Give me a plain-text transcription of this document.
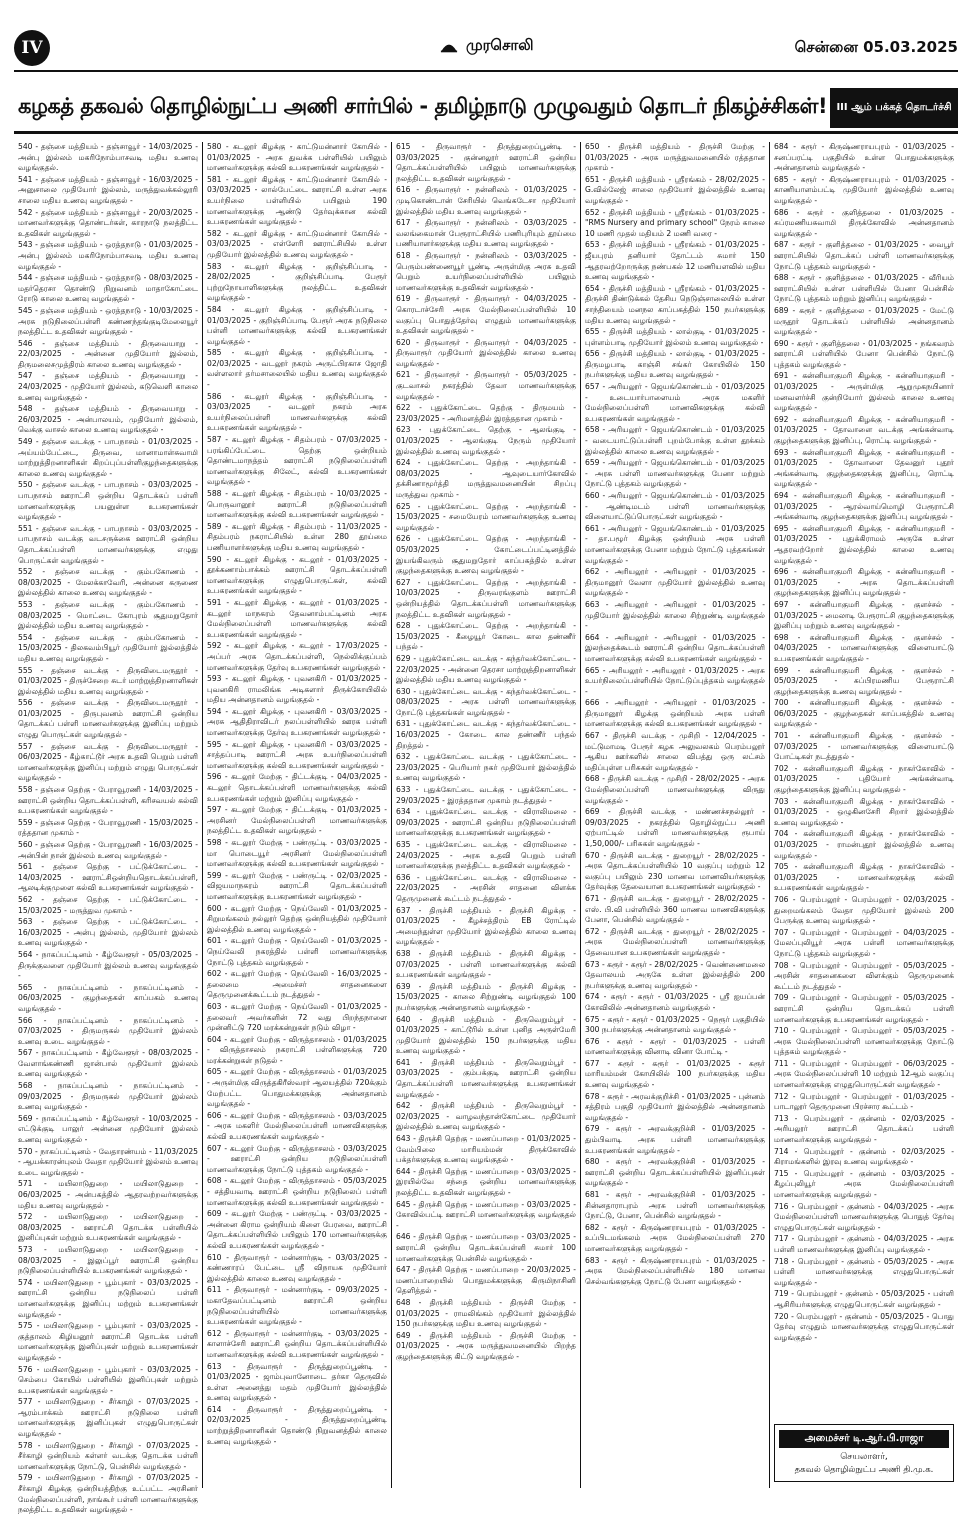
IV	முரசொலி	சென்னை 05.03.2025
கழகத் தகவல் தொழில்நுட்ப அணி சார்பில் - தமிழ்நாடு முழுவதும் தொடர் நிகழ்ச்சிகள்! III ஆம் பக்கத் தொடர்ச்சி

540 - தஞ்சை மத்தியம் - தஞ்சாவூர் - 14/03/2025 - அன்பு இல்லம் மகரிநோம்பாசவடி மதிய உணவு வழங்குதல்.

541 - தஞ்சை மத்தியம் - தஞ்சாவூர் - 16/03/2025 - அனுசாலை முதியோர் இல்லம், மருத்துவக்கல்லூரி சாலை மதிய உணவு வழங்குதல் -

542 - தஞ்சை மத்தியம் - தஞ்சாவூர் - 20/03/2025 - மாணவர்களுக்கு தொண்டர்கள், காரநாடு நலத்திட்ட உதவிகள் வழங்குதல் -

543 - தஞ்சை மத்தியம் - ஒரத்தநாடு - 01/03/2025 - அன்பு இல்லம் மகரிநோம்பாசவடி மதிய உணவு வழங்குதல் -

544 - தஞ்சை மத்தியம் - ஒரத்தநாடு - 08/03/2025 - மதர்தெரசா தொண்டு நிறுவனம் மாதாகோட்டை ரோடு காலை உணவு வழங்குதல் -

545 - தஞ்சை மத்தியம் - ஒரத்தநாடு - 10/03/2025 - அரசு நடுநிலைப்பள்ளி கண்ணந்தங்குடிமேலையூர் நலத்திட்ட உதவிகள் வழங்குதல் -

546 - தஞ்சை மத்தியம் - திருவையாறு - 22/03/2025 - அன்னை முதியோர் இல்லம், திருமலைசமுத்திரம் காலை உணவு வழங்குதல் -

547 - தஞ்சை மத்தியம் - திருவையாறு - 24/03/2025 - முதியோர் இல்லம், கடுவெளி காலை உணவு வழங்குதல் -

548 - தஞ்சை மத்தியம் - திருவையாறு - 26/03/2025 - அன்பாலயம், முதியோர் இல்லம், வெக்கு வாசல் காலை உணவு வழங்குதல் -

549 - தஞ்சை வடக்கு - பாபநாசம் - 01/03/2025 - அய்யம்பேட்டை, திருவை, மானாமாள்சுவாமி மாற்றுத்திறனாளிகள் கிறப்புப்பள்ளிகுழந்தைகளுக்கு காலை உணவு வழங்குதல் -

550 - தஞ்சை வடக்கு - பாபநாசம் - 03/03/2025 - பாபநாசம் ஊராட்சி ஒன்றிய தொடக்கப் பள்ளி மாணவர்களுக்கு பயனுள்ள உபகரணங்கள் வழங்குதல் -

551 - தஞ்சை வடக்கு - பாபநாசம் - 03/03/2025 - பாபநாசம் வடக்கு வடசருக்கை ஊராட்சி ஒன்றிய தொடக்கப்பள்ளி மாணவர்களுக்கு எழுது பொருட்கள் வழங்குதல் -

552 - தஞ்சை வடக்கு - கும்பகோணம் - 08/03/2025 - மேலக்காவேரி, அன்னை கருணை இல்லத்தில் காலை உணவு வழங்குதல் -

553 - தஞ்சை வடக்கு - கும்பகோணம் - 08/03/2025 - மொட்டை கோபுரம் சூதுமறுதோர் இல்லத்தில் மதிய உணவு வழங்குதல் -

554 - தஞ்சை வடக்கு - கும்பகோணம் - 15/03/2025 - திலகவம்பியூர் முதியோர் இல்லத்தில் மதிய உணவு வழங்குதல் -

555 - தஞ்சை வடக்கு - திருவிடைமருதூர் - 01/03/2025 - திருச்சேறை சுடர் மாற்றுத்திறனாளிகள் இல்லத்தில் மதிய உணவு வழங்குதல் -

556 - தஞ்சை வடக்கு - திருவிடைமருதூர் - 01/03/2025 - திருபுவனம் ஊராட்சி ஒன்றிய தொடக்கப் பள்ளி மாணவர்களுக்கு இனிப்பு மற்றும் எழுது பொருட்கள் வழங்குதல் -

557 - தஞ்சை வடக்கு - திருவிடைமருதூர் - 06/03/2025 - கீழ்காட்டூர் அரசு உதவி பெறும் பள்ளி மாணவர்களுக்கு இனிப்பு மற்றும் எழுது பொருட்கள் வழங்குதல் -

558 - தஞ்சை தெற்கு - பேராவூரணி - 14/03/2025 - ஊராட்சி ஒன்றிய தொடக்கப்பள்ளி, கரிசவயல் கல்வி உபகரணங்கள் வழங்குதல் -

559 - தஞ்சை தெற்கு - பேராவூரணி - 15/03/2025 - ரத்ததான முகாம் -

560 - தஞ்சை தெற்கு - பேராவூரணி - 16/03/2025 - அன்பின் நான் இல்லம் உணவு வழங்குதல் -

561 - தஞ்சை தெற்கு - பட்டுக்கோட்டை - 14/03/2025 - ஊராட்சிஒன்றியதொடக்கப்பள்ளி, ஆலடிக்குமுளை கல்வி உபகரணங்கள் வழங்குதல் -

562 - தஞ்சை தெற்கு - பட்டுக்கோட்டை - 15/03/2025 - மருத்துவ முகாம் -

563 - தஞ்சை தெற்கு - பட்டுக்கோட்டை - 16/03/2025 - அன்பு இல்லம், முதியோர் இல்லம் உணவு வழங்குதல் -

564 - நாகப்பட்டினம் - கீழ்வேளூர் - 05/03/2025 - திருக்குவளை முதியோர் இல்லம் உணவு வழங்குதல் -

565 - நாகப்பட்டினம் - நாகப்பட்டினம் - 06/03/2025 - குழந்தைகள் காப்பகம் உணவு வழங்குதல் -

566 - நாகப்பட்டினம் - நாகப்பட்டினம் - 07/03/2025 - திருமருகல் முதியோர் இல்லம் உணவு உடை வழங்குதல் -

567 - நாகப்பட்டினம் - கீழ்வேளூர் - 08/03/2025 - வேளாங்கண்ணி ஜான்பால் முதியோர் இல்லம் உணவு வழங்குதல் -

568 - நாகப்பட்டினம் - நாகப்பட்டினம் - 09/03/2025 - திருமருகல் முதியோர் இல்லம் உணவு வழங்குதல் -

569 - நாகப்பட்டினம் - கீழ்வேளூர் - 10/03/2025 - எட்டுக்குடி பாலுர் அன்னை முதியோர் இல்லம் உணவு வழங்குதல் -

570 - நாகப்பட்டினம் - வேதாரண்யம் - 11/03/2025 - ஆயக்காரன்புலம் வேதா முதியோர் இல்லம் உணவு உடை வழங்குதல் -

571 - மயிலாடுதுறை - மயிலாடுதுறை - 06/03/2025 - அன்பகத்தில் ஆதரவற்றவர்களுக்கு மதிய உணவு வழங்குதல் -

572 - மயிலாடுதுறை - மயிலாடுதுறை - 08/03/2025 - ஊராட்சி தொடக்க பள்ளியில் இனிப்புகள் மற்றும் உபகரணங்கள் வழங்குதல் -

573 - மயிலாடுதுறை - மயிலாடுதுறை - 08/03/2025 - இலுப்பூர் ஊராட்சி ஒன்றிய நடுநிலைப்பள்ளியில் உபகரணங்கள் வழங்குதல் -

574 - மயிலாடுதுறை - பூம்புகார் - 03/03/2025 - ஊராட்சி ஒன்றிய நடுநிலைப் பள்ளி மாணவர்களுக்கு இனிப்பு மற்றும் உபகரணங்கள் வழங்குதல் -

575 - மயிலாடுதுறை - பூம்புகார் - 03/03/2025 - குத்தாலம் கிழியனூர் ஊராட்சி தொடக்க பள்ளி மாணவர்களுக்கு இனிப்புகள் மற்றும் உபகரணங்கள் வழங்குதல் -

576 - மயிலாடுதுறை - பூம்புகார் - 03/03/2025 - செம்பை கோயில் பள்ளியில் இனிப்புகள் மற்றும் உபகரணங்கள் வழங்குதல் -

577 - மயிலாடுதுறை - சீர்காழி - 07/03/2025 - ஆரம்பாக்கம் ஊராட்சி நடுநிலை பள்ளி மாணவர்களுக்கு இனிப்புகள் எழுதுபொருட்கள் வழங்குதல் -

578 - மயிலாடுதுறை - சீர்காழி - 07/03/2025 - சீர்காழி ஒன்றியம் கள்ளர் வடக்கு தொடக்க பள்ளி மாணவர்களுக்கு நோட்டு, பென்சில் வழங்குதல் -

579 - மயிலாடுதுறை - சீர்காழி - 07/03/2025 - சீர்காழி கிழக்கு ஒன்றியத்திற்கு உட்பட்ட அரசினர் மேல்நிலைப்பள்ளி, நாங்கூர் பள்ளி மாணவர்களுக்கு நலத்திட்ட உதவிகள் வழங்குதல் -

580 - கடலூர் கிழக்கு - காட்டுமன்னார் கோயில் - 01/03/2025 - அரசு துவக்க பள்ளியில் பயிலும் மாணவர்களுக்கு கல்வி உபகரணங்கள் வழங்குதல் -

581 - கடலூர் கிழக்கு - காட்டுமன்னார் கோயில் - 03/03/2025 - லால்பேட்டை ஊராட்சி உள்ள அரசு உயர்நிலை பள்ளியில் பயிலும் 190 மாணவர்களுக்கு ஆண்டு தேர்வுக்கான கல்வி உபகரணங்கள் வழங்குதல் -

582 - கடலூர் கிழக்கு - காட்டுமன்னார் கோயில் - 03/03/2025 - எள்ளேரி ஊராட்சியில் உள்ள முதியோர் இல்லத்தில் உணவு வழங்குதல் -

583 - கடலூர் கிழக்கு - குறிஞ்சிப்பாடி - 28/02/2025 - குறிஞ்சிப்பாடி பேரூர் புற்றுநோயாளிகளுக்கு நலத்திட்ட உதவிகள் வழங்குதல் -

584 - கடலூர் கிழக்கு - குறிஞ்சிப்பாடி - 01/03/2025 - குறிஞ்சிப்பாடி பேரூர் அரசு நடுநிலை பள்ளி மாணவர்களுக்கு கல்வி உபகரணங்கள் வழங்குதல் -

585 - கடலூர் கிழக்கு - குறிஞ்சிப்பாடி - 02/03/2025 - வடலூர் நகரம் அருட்பிரகாச ஜோதி வள்ளலார் தர்மசாலையில் மதிய உணவு வழங்குதல் -

586 - கடலூர் கிழக்கு - குறிஞ்சிப்பாடி - 03/03/2025 - வடலூர் நகரம் அரசு உயர்நிலைப்பள்ளி மாணவர்களுக்கு கல்வி உபகரணங்கள் வழங்குதல் -

587 - கடலூர் கிழக்கு - சிதம்பரம் - 07/03/2025 - பரங்கிப்பேட்டை தெற்கு ஒன்றியம் தொண்டமாநத்தம் ஊராட்சி நடுநிலைப்பள்ளி மாணவர்களுக்கு சிலேட், கல்வி உபகரணங்கள் வழங்குதல் -

588 - கடலூர் கிழக்கு - சிதம்பரம் - 10/03/2025 - பொருவானூர் ஊராட்சி நடுநிலைப்பள்ளி மாணவர்களுக்கு கல்வி உபகரணங்கள் வழங்குதல் -

589 - கடலூர் கிழக்கு - சிதம்பரம் - 11/03/2025 - சிதம்பரம் நகராட்சியில் உள்ள 280 தூய்மை பணியாளர்களுக்கு மதிய உணவு வழங்குதல் -

590 - கடலூர் கிழக்கு - கடலூர் - 01/03/2025 - தூக்கணாம்பாக்கம் ஊராட்சி தொடக்கப்பள்ளி மாணவர்களுக்கு எழுதுபொருட்கள், கல்வி உபகரணங்கள் வழங்குதல் -

591 - கடலூர் கிழக்கு - கடலூர் - 01/03/2025 - கடலூர் மாநகரம் தேவனாம்பட்டினம் அரசு மேல்நிலைப்பள்ளி மாணவர்களுக்கு கல்வி உபகரணங்கள் வழங்குதல் -

592 - கடலூர் கிழக்கு - கடலூர் - 17/03/2025 - அப்பர் அரசு தொடக்கப்பள்ளி, நெல்லிக்குப்பம் மாணவர்களுக்கு தேர்வு உபகரணங்கள் வழங்குதல் -

593 - கடலூர் கிழக்கு - புவனகிரி - 01/03/2025 - புவனகிரி ராமலிங்க அடிகளார் திருக்கோயிலில் மதிய அன்னதானம் வழங்குதல் -

594 - கடலூர் கிழக்கு - புவனகிரி - 03/03/2025 - அரசு ஆதிதிராவிடர் நலப்பள்ளியில் ஊரக பள்ளி மாணவர்களுக்கு தேர்வு உபகரணங்கள் வழங்குதல் -

595 - கடலூர் கிழக்கு - புவனகிரி - 03/03/2025 - சாத்தப்பாடி ஊராட்சி அரசு உயர்நிலைப்பள்ளி மாணவர்களுக்கு கல்வி உபகரணங்கள் வழங்குதல் -

596 - கடலூர் மேற்கு - திட்டக்குடி - 04/03/2025 - கடலூர் தொடக்கப்பள்ளி மாணவர்களுக்கு கல்வி உபகரணங்கள் மற்றும் இனிப்பு வழங்குதல் -

597 - கடலூர் மேற்கு - திட்டக்குடி - 01/03/2025 - அரசினர் மேல்நிலைப்பள்ளி மாணவர்களுக்கு நலத்திட்ட உதவிகள் வழங்குதல் -

598 - கடலூர் மேற்கு - பண்ருட்டி - 03/03/2025 - மா பொடையூர் அரசினர் மேல்நிலைப்பள்ளி மாணவர்களுக்கு கல்வி உபகரணங்கள் வழங்குதல் -

599 - கடலூர் மேற்கு - பண்ருட்டி - 02/03/2025 - விஜயமாநகரம் ஊராட்சி தொடக்கப்பள்ளி மாணவர்களுக்கு உபகரணங்கள் வழங்குதல் -

600 - கடலூர் மேற்கு - நெய்வேலி - 01/03/2025 - சிறுமங்கலம் நல்லூர் தெற்கு ஒன்றியத்தில் முதியோர் இல்லத்தில் உணவு வழங்குதல் -

601 - கடலூர் மேற்கு - நெய்வேலி - 01/03/2025 - நெய்வேலி நகரத்தில் பள்ளி மாணவர்களுக்கு நோட்டு புத்தகம் வழங்குதல் -

602 - கடலூர் மேற்கு - நெய்வேலி - 16/03/2025 - தலைமை அமைச்சர் சாதனைகளை தெருமுனைக்கூட்டம் நடத்துதல் -

603 - கடலூர் மேற்கு - நெய்வேலி - 01/03/2025 - தலைவர் அவர்களின் 72 வது பிறந்தநாளை முன்னிட்டு 720 மரக்கன்றுகள் நடும் விழா -

604 - கடலூர் மேற்கு - விருத்தாசலம் - 01/03/2025 - விருத்தாசலம் நகராட்சி பள்ளிகளுக்கு 720 மரக்கன்றுகள் நடுதல் -

605 - கடலூர் மேற்கு - விருத்தாசலம் - 01/03/2025 - அருள்மிகு விருத்தகிரீஸ்வரர் ஆலயத்தில் 720க்கும் மேற்பட்ட பொதுமக்களுக்கு அன்னதானம் வழங்குதல் -

606 - கடலூர் மேற்கு - விருத்தாசலம் - 03/03/2025 - அரசு மகளிர் மேல்நிலைப்பள்ளி மாணவிகளுக்கு கல்வி உபகரணங்கள் வழங்குதல் -

607 - கடலூர் மேற்கு - விருத்தாசலம் - 03/03/2025 - ஊராட்சி ஒன்றிய நடுநிலைப்பள்ளி மாணவர்களுக்கு நோட்டு புத்தகம் வழங்குதல் -

608 - கடலூர் மேற்கு - விருத்தாசலம் - 05/03/2025 - சத்தியவாடி ஊராட்சி ஒன்றிய நடுநிலைப் பள்ளி மாணவர்களுக்கு கல்வி உபகரணங்கள் வழங்குதல் -

609 - கடலூர் மேற்கு - பண்ருட்டி - 03/03/2025 - அன்னை கிராம ஒன்றியம் கிளை பேரவை, ஊராட்சி தொடக்கப்பள்ளியில் பயிலும் 170 மாணவர்களுக்கு கல்வி உபகரணங்கள் வழங்குதல் -

610 - திருவாரூர் - மன்னார்குடி - 03/03/2025 - கண்ணாரப் பேட்டை ஸ்ரீ விநாயக முதியோர் இல்லத்தில் காலை உணவு வழங்குதல் -

611 - திருவாரூர் - மன்னார்குடி - 09/03/2025 - மகாதேவப்பட்டினம் ஊராட்சி ஒன்றிய நடுநிலைப்பள்ளியில் மாணவர்களுக்கு உபகரணங்கள் வழங்குதல் -

612 - திருவாரூர் - மன்னார்குடி - 03/03/2025 - காளாச்சேரி ஊராட்சி ஒன்றிய தொடக்கப்பள்ளியில் மாணவர்களுக்கு கல்வி உபகரணங்கள் வழங்குதல் -

613 - திருவாரூர் - திருத்துறைப்பூண்டி - 01/03/2025 - ஜாம்புவானோடை தர்கா தெருவில் உள்ள அனைத்து மதம் முதியோர் இல்லத்தில் உணவு வழங்குதல் -

614 - திருவாரூர் - திருத்துறைப்பூண்டி - 02/03/2025 - திருத்துறைப்பூண்டி மாற்றுத்திறனாளிகள் தொண்டு நிறுவனத்தில் காலை உணவு வழங்குதல் -

615 - திருவாரூர் - திருத்துறைப்பூண்டி - 03/03/2025 - குன்னலூர் ஊராட்சி ஒன்றிய தொடக்கப்பள்ளியில் பயிலும் மாணவர்களுக்கு நலத்திட்ட உதவிகள் வழங்குதல் -

616 - திருவாரூர் - நன்னிலம் - 01/03/2025 - முடிகொண்டான் சேரியில் வெங்கடேசா முதியோர் இல்லத்தில் மதிய உணவு வழங்குதல் -

617 - திருவாரூர் - நன்னிலம் - 03/03/2025 - வலங்கைமான் பேரூராட்சியில் பணிபுரியும் தூய்மை பணியாளர்களுக்கு மதிய உணவு வழங்குதல் -

618 - திருவாரூர் - நன்னிலம் - 03/03/2025 - பெரும்பண்ணையூர் பூண்டி அருள்மிகு அரசு உதவி பெறும் உயர்நிலைப்பள்ளியில் பயிலும் மாணவர்களுக்கு உதவிகள் வழங்குதல் -

619 - திருவாரூர் - திருவாரூர் - 04/03/2025 - கொரடாச்சேரி அரசு மேல்நிலைப்பள்ளியில் 10 வகுப்பு பொதுத்தேர்வு எழுதும் மாணவர்களுக்கு உதவிகள் வழங்குதல் -

620 - திருவாரூர் - திருவாரூர் - 04/03/2025 - திருவாரூர் முதியோர் இல்லத்தில் காலை உணவு வழங்குதல் -

621 - திருவாரூர் - திருவாரூர் - 05/03/2025 - குடவாசல் நகரத்தில் தேவா மாணவர்களுக்கு வழங்குதல் -

622 - புதுக்கோட்டை தெற்கு - திருமயம் - 23/03/2025 - அரிமளத்தில் இரத்ததான முகாம் -

623 - புதுக்கோட்டை தெற்கு - ஆலங்குடி - 01/03/2025 - ஆலங்குடி நேரும் முதியோர் இல்லத்தில் உணவு வழங்குதல் -

624 - புதுக்கோட்டை தெற்கு - அறந்தாங்கி - 08/03/2025 - ஆவுடையார்கோவில் தக்சிணாமூர்த்தி மருத்துவமனையின் சிறப்பு மருத்துவ முகாம் -

625 - புதுக்கோட்டை தெற்கு - அறந்தாங்கி - 15/03/2025 - சமையேரம் மாணவர்களுக்கு உணவு வழங்குதல் -

626 - புதுக்கோட்டை தெற்கு - அறந்தாங்கி - 05/03/2025 - கோட்டைப்பட்டினத்தில் இயங்கிவரும் சூதுமறுதோர் காப்பகத்தில் உள்ள குழந்தைகளுக்கு உணவு வழங்குதல் -

627 - புதுக்கோட்டை தெற்கு - அறந்தாங்கி - 10/03/2025 - திருவரங்குளம் ஊராட்சி ஒன்றியத்தில் தொடக்கப்பள்ளி மாணவர்களுக்கு நலத்திட்ட உதவிகள் வழங்குதல் -

628 - புதுக்கோட்டை தெற்கு - அறந்தாங்கி - 15/03/2025 - கீழையூர் கோடை கால தண்ணீர் பந்தல் -

629 - புதுக்கோட்டை வடக்கு - கந்தர்வக்கோட்டை - 22/03/2025 - அன்னை தெரசா மாற்றுத்திறனாளிகள் இல்லத்தில் மதிய உணவு வழங்குதல் -

630 - புதுக்கோட்டை வடக்கு - கந்தர்வக்கோட்டை - 08/03/2025 - அரசு பள்ளி மாணவர்களுக்கு நோட்டு புத்தகங்கள் வழங்குதல் -

631 - புதுக்கோட்டை வடக்கு - கந்தர்வக்கோட்டை - 16/03/2025 - கோடை கால தண்ணீர் பந்தல் திறத்தல் -

632 - புதுக்கோட்டை வடக்கு - புதுக்கோட்டை - 23/03/2025 - பெரியார் நகர் முதியோர் இல்லத்தில் உணவு வழங்குதல் -

633 - புதுக்கோட்டை வடக்கு - புதுக்கோட்டை - 29/03/2025 - இரத்ததான முகாம் நடத்துதல் -

634 - புதுக்கோட்டை வடக்கு - விராலிமலை - 09/03/2025 - ஊராட்சி ஒன்றிய நடுநிலைப்பள்ளி மாணவர்களுக்கு உபகரணங்கள் வழங்குதல் -

635 - புதுக்கோட்டை வடக்கு - விராலிமலை - 24/03/2025 - அரசு உதவி பெறும் பள்ளி மாணவர்களுக்கு நலத்திட்ட உதவிகள் வழங்குதல் -

636 - புதுக்கோட்டை வடக்கு - விராலிமலை - 22/03/2025 - அரசின் சாதனை விளக்க தெருமுனைக் கூட்டம் நடத்துதல் -

637 - திருச்சி மத்தியம் - திருச்சி கிழக்கு - 01/03/2025 - கீழச்சத்திரம் EB ரோட்டில் அமைந்துள்ள முதியோர் இல்லத்தில் காலை உணவு வழங்குதல் -

638 - திருச்சி மத்தியம் - திருச்சி கிழக்கு - 07/03/2025 - பள்ளி மாணவர்களுக்கு கல்வி உபகரணங்கள் வழங்குதல் -

639 - திருச்சி மத்தியம் - திருச்சி கிழக்கு - 15/03/2025 - காலை சிற்றுண்டி வழங்குதல் 100 நபர்களுக்கு அன்னதானம் வழங்குதல் -

640 - திருச்சி மத்தியம் - திருவெறும்பூர் - 01/03/2025 - காட்டூரில் உள்ள புனித அருள்மேரி முதியோர் இல்லத்தில் 150 நபர்களுக்கு மதிய உணவு வழங்குதல் -

641 - திருச்சி மத்தியம் - திருவெறும்பூர் - 03/03/2025 - கும்பக்குடி ஊராட்சி ஒன்றிய தொடக்கப்பள்ளி மாணவர்களுக்கு உபகரணங்கள் வழங்குதல் -

642 - திருச்சி மத்தியம் - திருவெறும்பூர் - 02/03/2025 - வாழவந்தான்கோட்டை முதியோர் இல்லத்தில் உணவு வழங்குதல் -

643 - திருச்சி தெற்கு - மணப்பாறை - 01/03/2025 - வேம்பிலை மாரியம்மன் திருக்கோவில் பக்தர்களுக்கு உணவு வழங்குதல் -

644 - திருச்சி தெற்கு - மணப்பாறை - 03/03/2025 - இரயில்வே சந்தை ஒன்றிய மாணவர்களுக்கு நலத்திட்ட உதவிகள் வழங்குதல் -

645 - திருச்சி தெற்கு - மணப்பாறை - 03/03/2025 - கோவில்பட்டி ஊராட்சி மாணவர்களுக்கு வழங்குதல் -

646 - திருச்சி தெற்கு - மணப்பாறை - 03/03/2025 - ஊராட்சி ஒன்றிய தொடக்கப்பள்ளி சுமார் 100 மாணவர்களுக்கு பென்சில் வழங்குதல் -

647 - திருச்சி தெற்கு - மணப்பாறை - 20/03/2025 - மணப்பாறையில் பொதுமக்களுக்கு கிருமிநாசினி தெளித்தல் -

648 - திருச்சி மத்தியம் - திருச்சி மேற்கு - 01/03/2025 - ராமலிங்கம் முதியோர் இல்லத்தில் 150 நபர்களுக்கு மதிய உணவு வழங்குதல் -

649 - திருச்சி மத்தியம் - திருச்சி மேற்கு - 01/03/2025 - அரசு மருத்துவமனையில் பிறந்த குழந்தைகளுக்கு கிட்டு வழங்குதல் -

650 - திருச்சி மத்தியம் - திருச்சி மேற்கு - 01/03/2025 - அரசு மருத்துவமனையில் ரத்ததான முகாம் -

651 - திருச்சி மத்தியம் - ஸ்ரீரங்கம் - 28/02/2025 - G.வில்லேஜ் சாலை முதியோர் இல்லத்தில் உணவு வழங்குதல் -

652 - திருச்சி மத்தியம் - ஸ்ரீரங்கம் - 01/03/2025 - "RMS Nursery and primary school" நேரம் காலை 10 மணி முதல் மதியம் 2 மணி வரை -

653 - திருச்சி மத்தியம் - ஸ்ரீரங்கம் - 01/03/2025 - ஜீயபுரம் தனியார் தோட்டம் சுமார் 150 ஆதரவற்றோருக்கு நண்பகல் 12 மணியளவில் மதிய உணவு வழங்குதல் -

654 - திருச்சி மத்தியம் - ஸ்ரீரங்கம் - 01/03/2025 - திருச்சி திண்டுக்கல் தேசிய நெடுஞ்சாலையில் உள்ள சாந்தியைம் மனநல காப்பகத்தில் 150 நபர்களுக்கு மதிய உணவு வழங்குதல் -

655 - திருச்சி மத்தியம் - லால்குடி - 01/03/2025 - புள்ளம்பாடி முதியோர் இல்லம் உணவு வழங்குதல் -

656 - திருச்சி மத்தியம் - லால்குடி - 01/03/2025 - திருமழபாடி காஞ்சி சங்கர் கோயிலில் 150 நபர்களுக்கு மதிய உணவு வழங்குதல் -

657 - அரியலூர் - ஜெயங்கொண்டம் - 01/03/2025 - உடையார்பாளையம் அரசு மகளிர் மேல்நிலைப்பள்ளி மாணவிகளுக்கு கல்வி உபகரணங்கள் வழங்குதல் -

658 - அரியலூர் - ஜெயங்கொண்டம் - 01/03/2025 - வடையாட்டுப்பள்ளி புறம்போக்கு உள்ள தூக்கம் இல்லத்தில் காலை உணவு வழங்குதல் -

659 - அரியலூர் - ஜெயங்கொண்டம் - 01/03/2025 - அரசு பள்ளி மாணவர்களுக்கு பேனா மற்றும் நோட்டு புத்தகம் வழங்குதல் -

660 - அரியலூர் - ஜெயங்கொண்டம் - 01/03/2025 - ஆண்டிமடம் பள்ளி மாணவர்களுக்கு விளையாட்டுப்பொருட்கள் வழங்குதல் -

661 - அரியலூர் - ஜெயங்கொண்டம் - 01/03/2025 - தா.பழூர் கிழக்கு ஒன்றியம் அரசு பள்ளி மாணவர்களுக்கு பேனா மற்றும் நோட்டு புத்தகங்கள் வழங்குதல் -

662 - அரியலூர் - அரியலூர் - 01/03/2025 - திருமானூர் வேளா முதியோர் இல்லத்தில் உணவு வழங்குதல் -

663 - அரியலூர் - அரியலூர் - 01/03/2025 - முதியோர் இல்லத்தில் காலை சிற்றுண்டி வழங்குதல் -

664 - அரியலூர் - அரியலூர் - 01/03/2025 - இலந்தைக்கூடம் ஊராட்சி ஒன்றிய தொடக்கப்பள்ளி மாணவர்களுக்கு கல்வி உபகரணங்கள் வழங்குதல் -

665 - அரியலூர் - அரியலூர் - 01/03/2025 - அரசு உயர்நிலைப்பள்ளியில் நோட்டுப்புத்தகம் வழங்குதல் -

666 - அரியலூர் - அரியலூர் - 01/03/2025 - திருமானூர் கிழக்கு ஒன்றியம் அரசு பள்ளி மாணவர்களுக்கு கல்வி உபகரணங்கள் வழங்குதல் -

667 - திருச்சி வடக்கு - முசிறி - 12/04/2025 - மட்டுமாமடி பேரூர் கழக அலுவலகம் பெரம்பலூர் ஆகிய ஊர்களில் சாலை விபத்து ஒரு லட்சம் மதிப்புள்ள பரிசுகள் வழங்குதல் -

668 - திருச்சி வடக்கு - முசிறி - 28/02/2025 - அரசு மேல்நிலைப்பள்ளி மாணவர்களுக்கு விருது வழங்குதல் -

669 - திருச்சி வடக்கு - மண்ணச்சநல்லூர் - 09/03/2025 - நகரத்தில் தொழில்நுட்ப அணி ஏற்பாட்டில் பள்ளி மாணவர்களுக்கு ரூபாய் 1,50,000/- பரிசுகள் வழங்குதல் -

670 - திருச்சி வடக்கு - துறையூர் - 28/02/2025 - அரசு தொடக்கப்பள்ளியில் 10 வகுப்பு மற்றும் 12 வகுப்பு பயிலும் 230 மாணவ மாணவியர்களுக்கு தேர்வுக்கு தேவையான உபகரணங்கள் வழங்குதல் -

671 - திருச்சி வடக்கு - துறையூர் - 28/02/2025 - எஸ். பி.வி பள்ளியில் 360 மாணவ மாணவிகளுக்கு பேனா, பென்சில் வழங்குதல் -

672 - திருச்சி வடக்கு - துறையூர் - 28/02/2025 - அரசு மேல்நிலைப்பள்ளி மாணவர்களுக்கு தேவையான உபகரணங்கள் வழங்குதல் -

673 - கரூர் - கரூர் - 28/02/2025 - வெண்ணைமலை தேவாலயம் அருகே உள்ள இல்லத்தில் 200 நபர்களுக்கு உணவு வழங்குதல் -

674 - கரூர் - கரூர் - 01/03/2025 - ஸ்ரீ ஐயப்பன் கோவிலில் அன்னதானம் வழங்குதல் -

675 - கரூர் - கரூர் - 01/03/2025 - நெரூர் பகுதியில் 300 நபர்களுக்கு அன்னதானம் வழங்குதல் -

676 - கரூர் - கரூர் - 01/03/2025 - பள்ளி மாணவர்களுக்கு வினாடி வினா போட்டி -

677 - கரூர் - கரூர் - 01/03/2025 - கரூர் மாரியம்மன் கோயிலில் 100 நபர்களுக்கு மதிய உணவு வழங்குதல் -

678 - கரூர் - அரவக்குறிச்சி - 01/03/2025 - புன்னம் சத்திரம் பகுதி முதியோர் இல்லத்தில் அன்னதானம் வழங்குதல் -

679 - கரூர் - அரவக்குறிச்சி - 01/03/2025 - தும்பிவாடி அரசு பள்ளி மாணவர்களுக்கு உபகரணங்கள் வழங்குதல் -

680 - கரூர் - அரவக்குறிச்சி - 01/03/2025 - ஊராட்சி ஒன்றிய தொடக்கப்பள்ளியில் இனிப்புகள் வழங்குதல் -

681 - கரூர் - அரவக்குறிச்சி - 01/03/2025 - சின்னதாராபுரம் அரசு பள்ளி மாணவர்களுக்கு நோட்டு, பேனா, பென்சில் வழங்குதல் -

682 - கரூர் - கிருஷ்ணராயபுரம் - 01/03/2025 - உப்பிடமங்கலம் அரசு மேல்நிலைப்பள்ளி 270 மாணவர்களுக்கு வழங்குதல் -

683 - கரூர் - கிருஷ்ணராயபுரம் - 01/03/2025 - அரசு மேல்நிலைப்பள்ளியில் 180 மாணவ செல்வங்களுக்கு நோட்டு பேனா வழங்குதல் -

684 - கரூர் - கிருஷ்ணராயபுரம் - 01/03/2025 - சனப்பரட்டி பகுதியில் உள்ள பொதுமக்களுக்கு அன்னதானம் வழங்குதல் -

685 - கரூர் - கிருஷ்ணராயபுரம் - 01/03/2025 - காணியாளம்பட்டி முதியோர் இல்லத்தில் உணவு வழங்குதல் -

686 - கரூர் - குளித்தலை - 01/03/2025 - சுப்ரமணியசுவாமி திருக்கோவில் அன்னதானம் வழங்குதல் -

687 - கரூர் - குளித்தலை - 01/03/2025 - வைபூர் ஊராட்சியில் தொடக்கப் பள்ளி மாணவர்களுக்கு நோட்டு புத்தகம் வழங்குதல் -

688 - கரூர் - குளித்தலை - 01/03/2025 - வீரியம் ஊராட்சியில் உள்ள பள்ளியில் பேனா பென்சில் நோட்டு புத்தகம் மற்றும் இனிப்பு வழங்குதல் -

689 - கரூர் - குளித்தலை - 01/03/2025 - மேட்டு மருதூர் தொடக்கப் பள்ளியில் அன்னதானம் வழங்குதல் -

690 - கரூர் - குளித்தலை - 01/03/2025 - நங்கவரம் ஊராட்சி பள்ளியில் பேனா பென்சில் நோட்டு புத்தகம் வழங்குதல் -

691 - கன்னியாகுமரி கிழக்கு - கன்னியாகுமரி - 01/03/2025 - அருள்மிகு ஆறுமுகநயினார் மனவளர்ச்சி குன்றியோர் இல்லம் காலை உணவு வழங்குதல் -

692 - கன்னியாகுமரி கிழக்கு - கன்னியாகுமரி - 01/03/2025 - தோவாளை வடக்கு அங்கன்வாடி குழந்தைகளுக்கு இனிப்பு, ரொட்டி வழங்குதல் -

693 - கன்னியாகுமரி கிழக்கு - கன்னியாகுமரி - 01/03/2025 - தோவாளை தேவனுர் புதூர் அங்கன்வாடி குழந்தைகளுக்கு இனிப்பு, ரொட்டி வழங்குதல் -

694 - கன்னியாகுமரி கிழக்கு - கன்னியாகுமரி - 01/03/2025 - ஆரல்வாய்மொழி பேரூராட்சி அங்கன்வாடி குழந்தைகளுக்கு இனிப்பு வழங்குதல் -

695 - கன்னியாகுமரி கிழக்கு - கன்னியாகுமரி - 01/03/2025 - புதுக்கிராமம் அருகே உள்ள ஆதரவற்றோர் இல்லத்தில் காலை உணவு வழங்குதல் -

696 - கன்னியாகுமரி கிழக்கு - கன்னியாகுமரி - 01/03/2025 - அரசு தொடக்கப்பள்ளி குழந்தைகளுக்கு இனிப்பு வழங்குதல் -

697 - கன்னியாகுமரி கிழக்கு - குளச்சல் - 01/03/2025 - மைலாடி பேரூராட்சி குழந்தைகளுக்கு இனிப்பு மற்றும் உணவு வழங்குதல் -

698 - கன்னியாகுமரி கிழக்கு - குளச்சல் - 04/03/2025 - மாணவர்களுக்கு விளையாட்டு உபகரணங்கள் வழங்குதல் -

699 - கன்னியாகுமரி கிழக்கு - குளச்சல் - 05/03/2025 - சுப்பிரமணிய பேரூராட்சி குழந்தைகளுக்கு உணவு வழங்குதல் -

700 - கன்னியாகுமரி கிழக்கு - குளச்சல் - 06/03/2025 - குழந்தைகள் காப்பகத்தில் உணவு வழங்குதல் -

701 - கன்னியாகுமரி கிழக்கு - குளச்சல் - 07/03/2025 - மாணவர்களுக்கு விளையாட்டு போட்டிகள் நடத்துதல் -

702 - கன்னியாகுமரி கிழக்கு - நாகர்கோவில் - 01/03/2025 - புதியோர் அங்கன்வாடி குழந்தைகளுக்கு இனிப்பு வழங்குதல் -

703 - கன்னியாகுமரி கிழக்கு - நாகர்கோவில் - 01/03/2025 - ஒழுகினசேரி சிறார் இல்லத்தில் உணவு வழங்குதல் -

704 - கன்னியாகுமரி கிழக்கு - நாகர்கோவில் - 01/03/2025 - ராமன்புதூர் இல்லத்தில் உணவு வழங்குதல் -

705 - கன்னியாகுமரி கிழக்கு - நாகர்கோவில் - 01/03/2025 - மாணவர்களுக்கு கல்வி உபகரணங்கள் வழங்குதல் -

706 - பெரம்பலூர் - பெரம்பலூர் - 02/03/2025 - துறைமங்கலம் வேதா முதியோர் இல்லம் 200 பேருக்கு உணவு வழங்குதல் -

707 - பெரம்பலூர் - பெரம்பலூர் - 04/03/2025 - மேலப்புலியூர் அரசு பள்ளி மாணவர்களுக்கு நோட்டு புத்தகம் வழங்குதல் -

708 - பெரம்பலூர் - பெரம்பலூர் - 05/03/2025 - அரசின் சாதனைகளை விளக்கும் தெருமுனைக் கூட்டம் நடத்துதல் -

709 - பெரம்பலூர் - பெரம்பலூர் - 05/03/2025 - ஊராட்சி ஒன்றிய தொடக்கப் பள்ளி மாணவர்களுக்கு உபகரணங்கள் வழங்குதல் -

710 - பெரம்பலூர் - பெரம்பலூர் - 05/03/2025 - அரசு மேல்நிலைப்பள்ளி மாணவர்களுக்கு நோட்டு புத்தகம் வழங்குதல் -

711 - பெரம்பலூர் - பெரம்பலூர் - 06/03/2025 - அரசு மேல்நிலைப்பள்ளி 10 மற்றும் 12ஆம் வகுப்பு மாணவர்களுக்கு எழுதுபொருட்கள் வழங்குதல் -

712 - பெரம்பலூர் - பெரம்பலூர் - 01/03/2025 - பாடாலூர் தெருமுனை பிரச்சார கூட்டம் -

713 - பெரம்பலூர் - குன்னம் - 02/03/2025 - அரியலூர் ஊராட்சி தொடக்கப் பள்ளி மாணவர்களுக்கு வழங்குதல் -

714 - பெரம்பலூர் - குன்னம் - 02/03/2025 - கிராமங்களில் இரவு உணவு வழங்குதல் -

715 - பெரம்பலூர் - குன்னம் - 03/03/2025 - கீழப்புலியூர் அரசு மேல்நிலைப்பள்ளி மாணவர்களுக்கு வழங்குதல் -

716 - பெரம்பலூர் - குன்னம் - 04/03/2025 - அரசு மேல்நிலைப்பள்ளி மாணவர்களுக்கு பொதுத் தேர்வு எழுதுபொருட்கள் வழங்குதல் -

717 - பெரம்பலூர் - குன்னம் - 04/03/2025 - அரசு பள்ளி மாணவர்களுக்கு இனிப்பு வழங்குதல் -

718 - பெரம்பலூர் - குன்னம் - 05/03/2025 - அரசு பள்ளி மாணவர்களுக்கு எழுதுபொருட்கள் வழங்குதல் -

719 - பெரம்பலூர் - குன்னம் - 05/03/2025 - பள்ளி ஆசிரியர்களுக்கு எழுதுபொருட்கள் வழங்குதல் -

720 - பெரம்பலூர் - குன்னம் - 05/03/2025 - பொது தேர்வு எழுதும் மாணவர்களுக்கு எழுதுபொருட்கள் வழங்குதல் -

அமைச்சர் டி.ஆர்.பி.ராஜா
செயலாளர்,
தகவல் தொழில்நுட்ப அணி தி.மு.க.
